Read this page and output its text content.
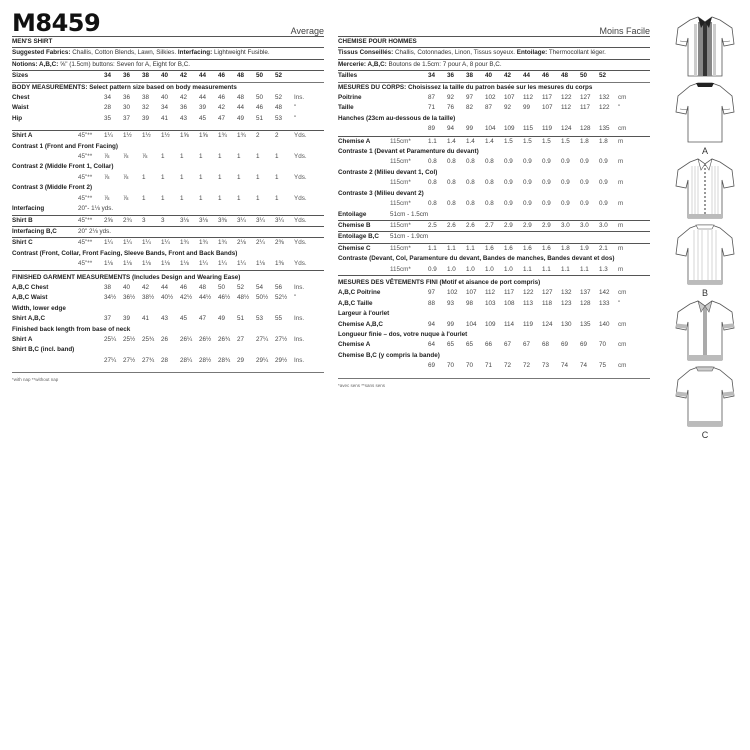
M8459	Average
MEN'S SHIRT
Suggested Fabrics: Challis, Cotton Blends, Lawn, Silkies. Interfacing: Lightweight Fusible.
Notions: A,B,C: ⅝" (1.5cm) buttons: Seven for A, Eight for B,C.
Sizes	34	36	38	40	42	44	46	48	50	52
BODY MEASUREMENTS: Select pattern size based on body measurements
Chest	34	36	38	40	42	44	46	48	50	52	Ins.
Waist	28	30	32	34	36	39	42	44	46	48	"
Hip	35	37	39	41	43	45	47	49	51	53	"
Shirt A	45"**	1¼	1½	1½	1½	1⅝	1⅝	1¾	1¾	2	2	Yds.
Contrast 1 (Front and Front Facing)
45"**	⅞	⅞	⅞	1	1	1	1	1	1	1	Yds.
Contrast 2 (Middle Front 1, Collar)
45"**	⅞	⅞	1	1	1	1	1	1	1	1	Yds.
Contrast 3 (Middle Front 2)
45"**	⅞	⅞	1	1	1	1	1	1	1	1	Yds.
Interfacing	20"- 1⅛ yds.
Shirt B	45"**	2⅝	2¾	3	3	3⅛	3⅛	3⅜	3¼	3¼	3¼	Yds.
Interfacing B,C	20" 2⅛ yds.
Shirt C	45"**	1¼	1¼	1¼	1¼	1¾	1¾	1¾	2⅛	2¼	2⅜	Yds.
Contrast (Front, Collar, Front Facing, Sleeve Bands, Front and Back Bands)
45"**	1⅛	1⅛	1⅛	1⅛	1⅛	1¼	1¼	1¼	1⅛	1⅜	Yds.
FINISHED GARMENT MEASUREMENTS (Includes Design and Wearing Ease)
A,B,C Chest	38	40	42	44	46	48	50	52	54	56	Ins.
A,B,C Waist	34½	36½	38½	40½	42½	44½	46½	48½	50½	52½	"
Width, lower edge
Shirt A,B,C	37	39	41	43	45	47	49	51	53	55	Ins.
Finished back length from base of neck
Shirt A	25¼	25½	25¾	26	26¼	26½	26¾	27	27¼	27½	Ins.
Shirt B,C (incl. band)
27¼	27½	27¾	28	28¼	28½	28¾	29	29¼	29½	Ins.
*with nap **without nap
Moins Facile
CHEMISE POUR HOMMES
Tissus Conseillés: Challis, Cotonnades, Linon, Tissus soyeux. Entoilage: Thermocollant léger.
Mercerie: A,B,C: Boutons de 1.5cm: 7 pour A, 8 pour B,C.
Tailles	34	36	38	40	42	44	46	48	50	52
MESURES DU CORPS: Choisissez la taille du patron basée sur les mesures du corps
Poitrine	87	92	97	102	107	112	117	122	127	132	cm
Taille	71	76	82	87	92	99	107	112	117	122	"
Hanches (23cm au-dessous de la taille)
89	94	99	104	109	115	119	124	128	135	cm
Chemise A	115cm*	1.1	1.4	1.4	1.4	1.5	1.5	1.5	1.5	1.8	1.8	m
Contraste 1 (Devant et Paramenture du devant)
115cm*	0.8	0.8	0.8	0.8	0.9	0.9	0.9	0.9	0.9	0.9	m
Contraste 2 (Milieu devant 1, Col)
115cm*	0.8	0.8	0.8	0.8	0.9	0.9	0.9	0.9	0.9	0.9	m
Contraste 3 (Milieu devant 2)
115cm*	0.8	0.8	0.8	0.8	0.9	0.9	0.9	0.9	0.9	0.9	m
Entoilage	51cm - 1.5cm
Chemise B	115cm*	2.5	2.6	2.6	2.7	2.9	2.9	2.9	3.0	3.0	3.0	m
Entoilage B,C	51cm - 1.9cm
Chemise C	115cm*	1.1	1.1	1.1	1.6	1.6	1.6	1.6	1.8	1.9	2.1	m
Contraste (Devant, Col, Paramenture du devant, Bandes de manches, Bandes devant et dos)
115cm*	0.9	1.0	1.0	1.0	1.0	1.1	1.1	1.1	1.1	1.3	m
MESURES DES VÊTEMENTS FINI (Motif et aisance de port compris)
A,B,C Poitrine	97	102	107	112	117	122	127	132	137	142	cm
A,B,C Taille	88	93	98	103	108	113	118	123	128	133	"
Largeur à l'ourlet
Chemise A,B,C	94	99	104	109	114	119	124	130	135	140	cm
Longueur finie – dos, votre nuque à l'ourlet
Chemise A	64	65	65	66	67	67	68	69	69	70	cm
Chemise B,C (y compris la bande)
69	70	70	71	72	72	73	74	74	75	cm
*avec sens **sans sens
A
B
C
